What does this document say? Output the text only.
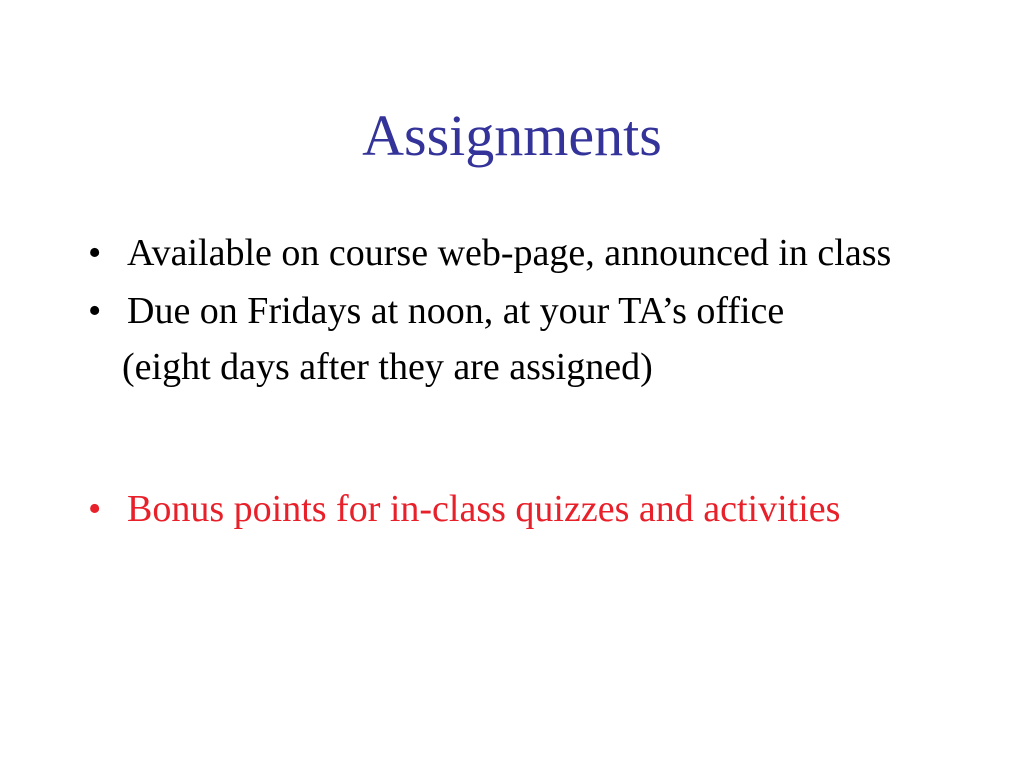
Assignments
• Available on course web-page, announced in class
• Due on Fridays at noon, at your TA’s office
(eight days after they are assigned)
• Bonus points for in-class quizzes and activities
